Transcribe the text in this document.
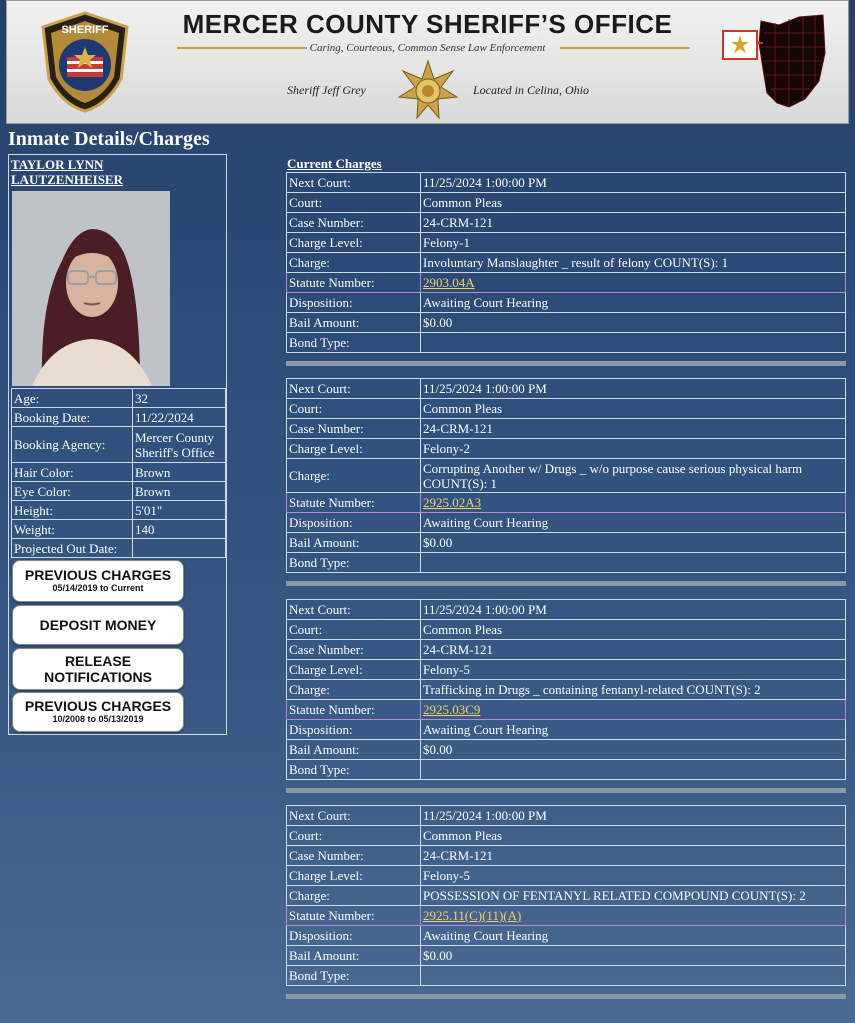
SHERIFF	MERCER COUNTY SHERIFF’S OFFICE
Caring, Courteous, Common Sense Law Enforcement
Sheriff Jeff Grey	Located in Celina, Ohio
Inmate Details/Charges
TAYLOR LYNN LAUTZENHEISER
Age:	32
Booking Date:	11/22/2024
Booking Agency:	Mercer County Sheriff's Office
Hair Color:	Brown
Eye Color:	Brown
Height:	5'01"
Weight:	140
Projected Out Date:	
PREVIOUS CHARGES
05/14/2019 to Current
DEPOSIT MONEY
RELEASE NOTIFICATIONS
PREVIOUS CHARGES
10/2008 to 05/13/2019
Current Charges
Next Court:	11/25/2024 1:00:00 PM
Court:	Common Pleas
Case Number:	24-CRM-121
Charge Level:	Felony-1
Charge:	Involuntary Manslaughter _ result of felony COUNT(S): 1
Statute Number:	2903.04A
Disposition:	Awaiting Court Hearing
Bail Amount:	$0.00
Bond Type:	
Next Court:	11/25/2024 1:00:00 PM
Court:	Common Pleas
Case Number:	24-CRM-121
Charge Level:	Felony-2
Charge:	Corrupting Another w/ Drugs _ w/o purpose cause serious physical harm COUNT(S): 1
Statute Number:	2925.02A3
Disposition:	Awaiting Court Hearing
Bail Amount:	$0.00
Bond Type:	
Next Court:	11/25/2024 1:00:00 PM
Court:	Common Pleas
Case Number:	24-CRM-121
Charge Level:	Felony-5
Charge:	Trafficking in Drugs _ containing fentanyl-related COUNT(S): 2
Statute Number:	2925.03C9
Disposition:	Awaiting Court Hearing
Bail Amount:	$0.00
Bond Type:	
Next Court:	11/25/2024 1:00:00 PM
Court:	Common Pleas
Case Number:	24-CRM-121
Charge Level:	Felony-5
Charge:	POSSESSION OF FENTANYL RELATED COMPOUND COUNT(S): 2
Statute Number:	2925.11(C)(11)(A)
Disposition:	Awaiting Court Hearing
Bail Amount:	$0.00
Bond Type:	
